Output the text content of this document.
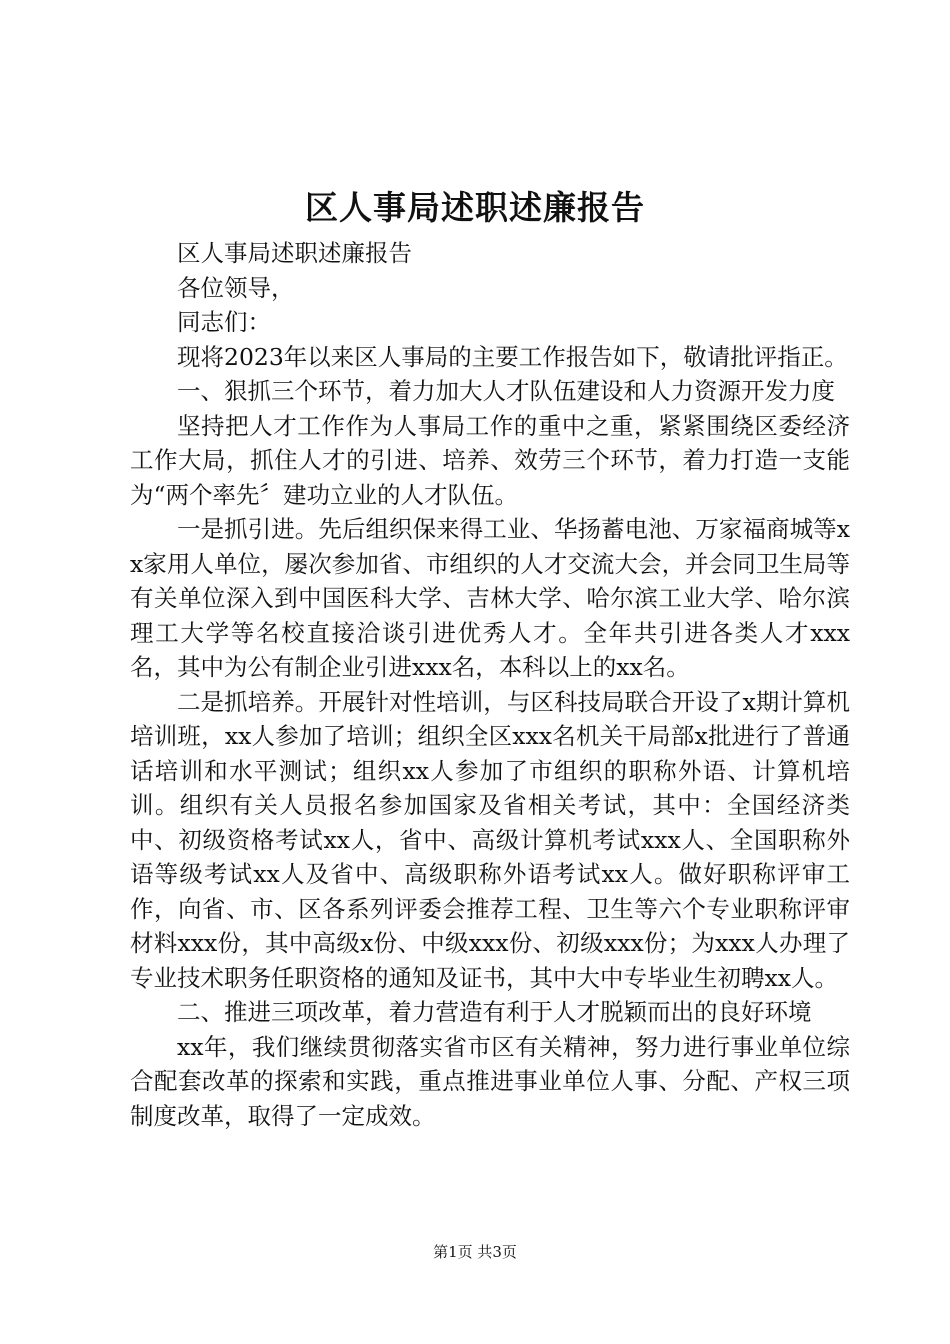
区人事局述职述廉报告

区人事局述职述廉报告

各位领导，

同志们：

现将2023年以来区人事局的主要工作报告如下，敬请批评指正。

一、狠抓三个环节，着力加大人才队伍建设和人力资源开发力度

坚持把人才工作作为人事局工作的重中之重，紧紧围绕区委经济工作大局，抓住人才的引进、培养、效劳三个环节，着力打造一支能为“两个率先〞建功立业的人才队伍。

一是抓引进。先后组织保来得工业、华扬蓄电池、万家福商城等xx家用人单位，屡次参加省、市组织的人才交流大会，并会同卫生局等有关单位深入到中国医科大学、吉林大学、哈尔滨工业大学、哈尔滨理工大学等名校直接洽谈引进优秀人才。全年共引进各类人才xxx名，其中为公有制企业引进xxx名，本科以上的xx名。

二是抓培养。开展针对性培训，与区科技局联合开设了x期计算机培训班，xx人参加了培训；组织全区xxx名机关干局部x批进行了普通话培训和水平测试；组织xx人参加了市组织的职称外语、计算机培训。组织有关人员报名参加国家及省相关考试，其中：全国经济类中、初级资格考试xx人，省中、高级计算机考试xxx人、全国职称外语等级考试xx人及省中、高级职称外语考试xx人。做好职称评审工作，向省、市、区各系列评委会推荐工程、卫生等六个专业职称评审材料xxx份，其中高级x份、中级xxx份、初级xxx份；为xxx人办理了专业技术职务任职资格的通知及证书，其中大中专毕业生初聘xx人。

二、推进三项改革，着力营造有利于人才脱颖而出的良好环境

xx年，我们继续贯彻落实省市区有关精神，努力进行事业单位综合配套改革的探索和实践，重点推进事业单位人事、分配、产权三项制度改革，取得了一定成效。

第1页 共3页
